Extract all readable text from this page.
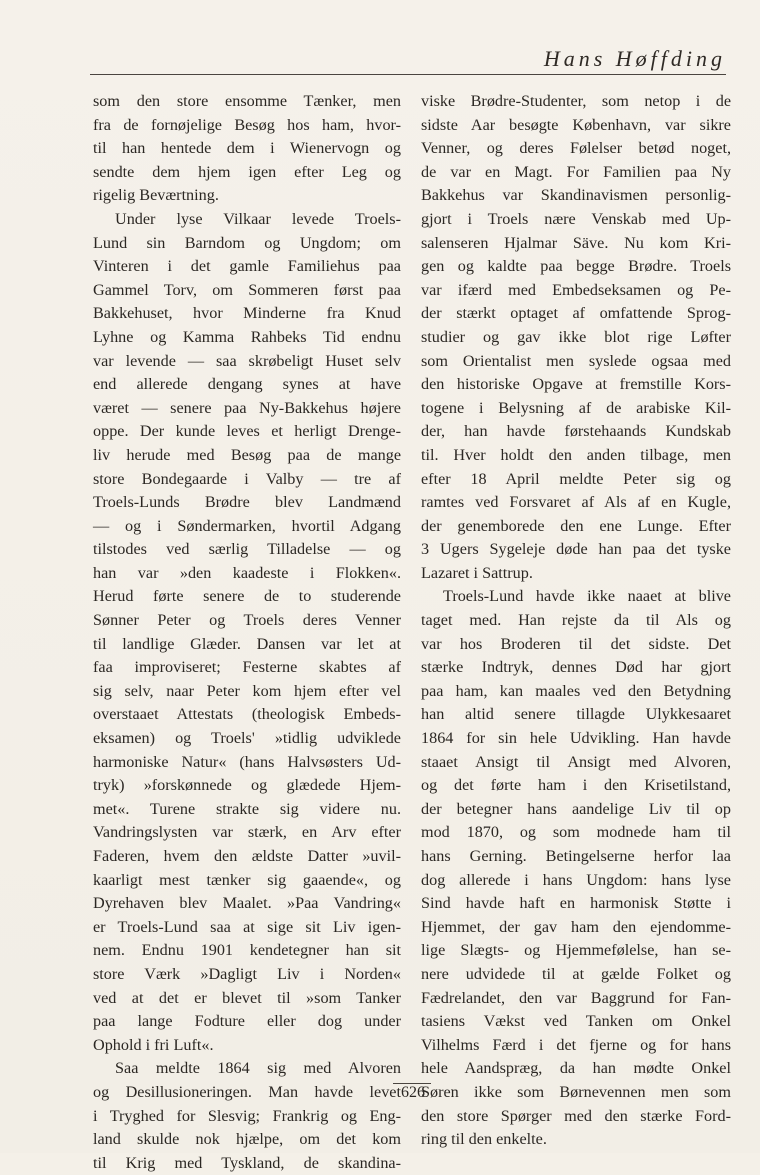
Hans Høffding
som den store ensomme Tænker, men
fra de fornøjelige Besøg hos ham, hvor-
til han hentede dem i Wienervogn og
sendte dem hjem igen efter Leg og
rigelig Beværtning.
Under lyse Vilkaar levede Troels-
Lund sin Barndom og Ungdom; om
Vinteren i det gamle Familiehus paa
Gammel Torv, om Sommeren først paa
Bakkehuset, hvor Minderne fra Knud
Lyhne og Kamma Rahbeks Tid endnu
var levende — saa skrøbeligt Huset selv
end allerede dengang synes at have
været — senere paa Ny-Bakkehus højere
oppe. Der kunde leves et herligt Drenge-
liv herude med Besøg paa de mange
store Bondegaarde i Valby — tre af
Troels-Lunds Brødre blev Landmænd
— og i Søndermarken, hvortil Adgang
tilstodes ved særlig Tilladelse — og
han var »den kaadeste i Flokken«.
Herud førte senere de to studerende
Sønner Peter og Troels deres Venner
til landlige Glæder. Dansen var let at
faa improviseret; Festerne skabtes af
sig selv, naar Peter kom hjem efter vel
overstaaet Attestats (theologisk Embeds-
eksamen) og Troels' »tidlig udviklede
harmoniske Natur« (hans Halvsøsters Ud-
tryk) »forskønnede og glædede Hjem-
met«. Turene strakte sig videre nu.
Vandringslysten var stærk, en Arv efter
Faderen, hvem den ældste Datter »uvil-
kaarligt mest tænker sig gaaende«, og
Dyrehaven blev Maalet. »Paa Vandring«
er Troels-Lund saa at sige sit Liv igen-
nem. Endnu 1901 kendetegner han sit
store Værk »Dagligt Liv i Norden«
ved at det er blevet til »som Tanker
paa lange Fodture eller dog under
Ophold i fri Luft«.
Saa meldte 1864 sig med Alvoren
og Desillusioneringen. Man havde levet
i Tryghed for Slesvig; Frankrig og Eng-
land skulde nok hjælpe, om det kom
til Krig med Tyskland, de skandina-
viske Brødre-Studenter, som netop i de
sidste Aar besøgte København, var sikre
Venner, og deres Følelser betød noget,
de var en Magt. For Familien paa Ny
Bakkehus var Skandinavismen personlig-
gjort i Troels nære Venskab med Up-
salenseren Hjalmar Säve. Nu kom Kri-
gen og kaldte paa begge Brødre. Troels
var ifærd med Embedseksamen og Pe-
der stærkt optaget af omfattende Sprog-
studier og gav ikke blot rige Løfter
som Orientalist men syslede ogsaa med
den historiske Opgave at fremstille Kors-
togene i Belysning af de arabiske Kil-
der, han havde førstehaands Kundskab
til. Hver holdt den anden tilbage, men
efter 18 April meldte Peter sig og
ramtes ved Forsvaret af Als af en Kugle,
der genemborede den ene Lunge. Efter
3 Ugers Sygeleje døde han paa det tyske
Lazaret i Sattrup.
Troels-Lund havde ikke naaet at blive
taget med. Han rejste da til Als og
var hos Broderen til det sidste. Det
stærke Indtryk, dennes Død har gjort
paa ham, kan maales ved den Betydning
han altid senere tillagde Ulykkesaaret
1864 for sin hele Udvikling. Han havde
staaet Ansigt til Ansigt med Alvoren,
og det førte ham i den Krisetilstand,
der betegner hans aandelige Liv til op
mod 1870, og som modnede ham til
hans Gerning. Betingelserne herfor laa
dog allerede i hans Ungdom: hans lyse
Sind havde haft en harmonisk Støtte i
Hjemmet, der gav ham den ejendomme-
lige Slægts- og Hjemmefølelse, han se-
nere udvidede til at gælde Folket og
Fædrelandet, den var Baggrund for Fan-
tasiens Vækst ved Tanken om Onkel
Vilhelms Færd i det fjerne og for hans
hele Aandspræg, da han mødte Onkel
Søren ikke som Børnevennen men som
den store Spørger med den stærke Ford-
ring til den enkelte.
626
